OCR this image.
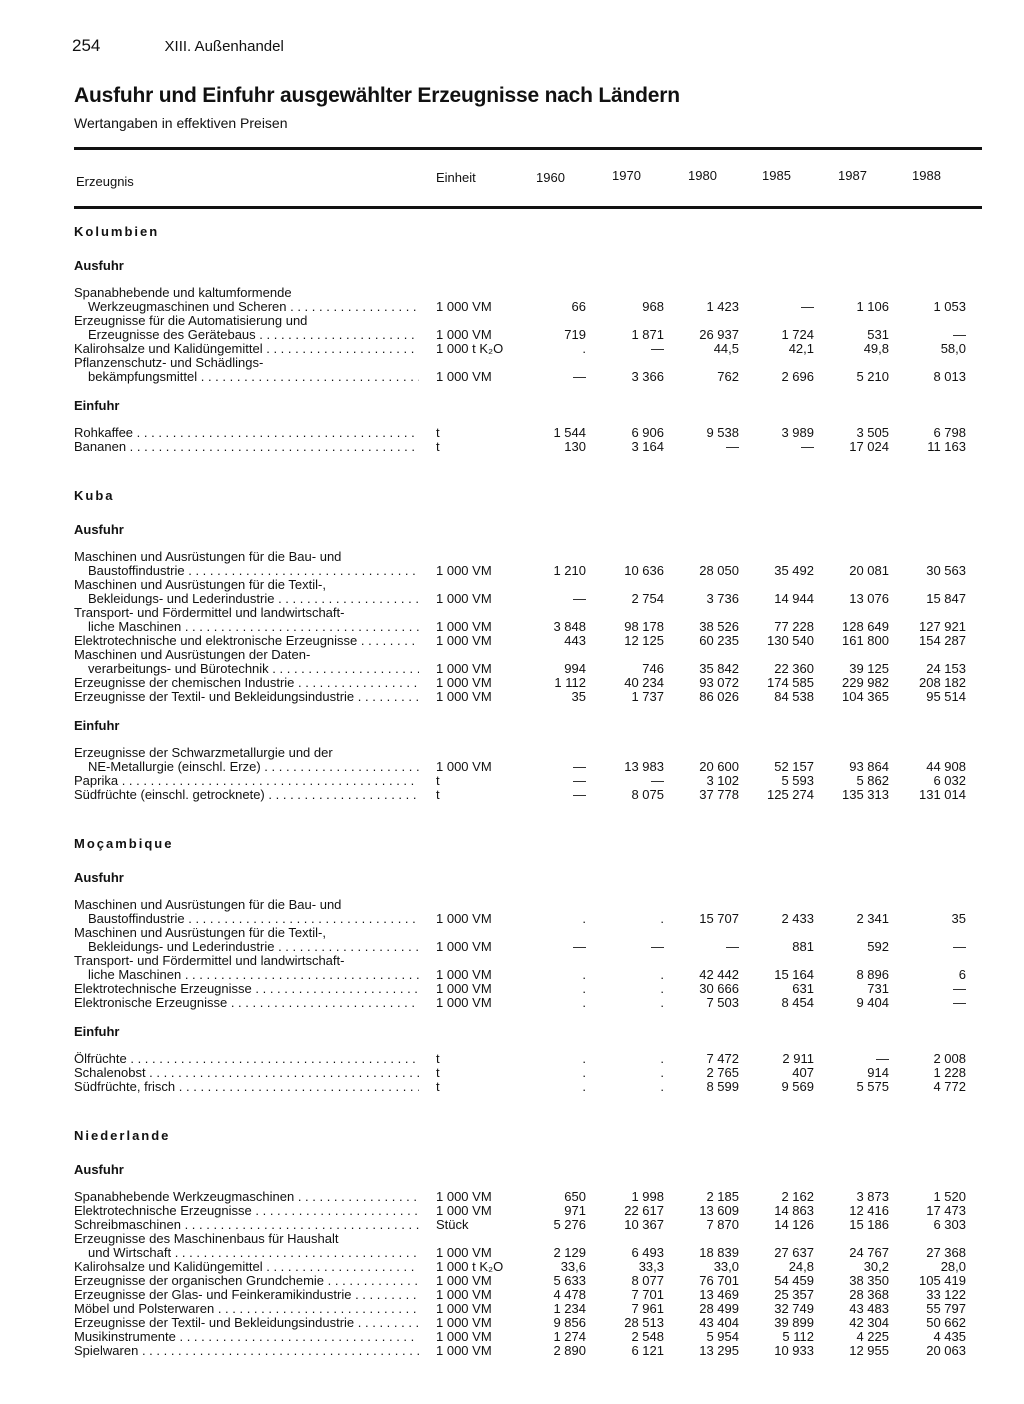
254	XIII. Außenhandel
Ausfuhr und Einfuhr ausgewählter Erzeugnisse nach Ländern
Wertangaben in effektiven Preisen
Erzeugnis	Einheit	1960	1970	1980	1985	1987	1988
Kolumbien
Ausfuhr
Spanabhebende und kaltumformende
Werkzeugmaschinen und Scheren . . .	1 000 VM	66	968	1 423	—	1 106	1 053
Erzeugnisse für die Automatisierung und
Erzeugnisse des Gerätebaus . . .	1 000 VM	719	1 871	26 937	1 724	531	—
Kalirohsalze und Kalidüngemittel . . .	1 000 t K₂O	.	—	44,5	42,1	49,8	58,0
Pflanzenschutz- und Schädlings-
bekämpfungsmittel . . .	1 000 VM	—	3 366	762	2 696	5 210	8 013
Einfuhr
Rohkaffee . . .	t	1 544	6 906	9 538	3 989	3 505	6 798
Bananen . . .	t	130	3 164	—	—	17 024	11 163
Kuba
Ausfuhr
Maschinen und Ausrüstungen für die Bau- und
Baustoffindustrie . . .	1 000 VM	1 210	10 636	28 050	35 492	20 081	30 563
Maschinen und Ausrüstungen für die Textil-,
Bekleidungs- und Lederindustrie . . .	1 000 VM	—	2 754	3 736	14 944	13 076	15 847
Transport- und Fördermittel und landwirtschaft-
liche Maschinen . . .	1 000 VM	3 848	98 178	38 526	77 228	128 649	127 921
Elektrotechnische und elektronische Erzeugnisse . . .	1 000 VM	443	12 125	60 235	130 540	161 800	154 287
Maschinen und Ausrüstungen der Daten-
verarbeitungs- und Bürotechnik . . .	1 000 VM	994	746	35 842	22 360	39 125	24 153
Erzeugnisse der chemischen Industrie . . .	1 000 VM	1 112	40 234	93 072	174 585	229 982	208 182
Erzeugnisse der Textil- und Bekleidungsindustrie . . .	1 000 VM	35	1 737	86 026	84 538	104 365	95 514
Einfuhr
Erzeugnisse der Schwarzmetallurgie und der
NE-Metallurgie (einschl. Erze) . . .	1 000 VM	—	13 983	20 600	52 157	93 864	44 908
Paprika . . .	t	—	—	3 102	5 593	5 862	6 032
Südfrüchte (einschl. getrocknete) . . .	t	—	8 075	37 778	125 274	135 313	131 014
Moçambique
Ausfuhr
Maschinen und Ausrüstungen für die Bau- und
Baustoffindustrie . . .	1 000 VM	.	.	15 707	2 433	2 341	35
Maschinen und Ausrüstungen für die Textil-,
Bekleidungs- und Lederindustrie . . .	1 000 VM	—	—	—	881	592	—
Transport- und Fördermittel und landwirtschaft-
liche Maschinen . . .	1 000 VM	.	.	42 442	15 164	8 896	6
Elektrotechnische Erzeugnisse . . .	1 000 VM	.	.	30 666	631	731	—
Elektronische Erzeugnisse . . .	1 000 VM	.	.	7 503	8 454	9 404	—
Einfuhr
Ölfrüchte . . .	t	.	.	7 472	2 911	—	2 008
Schalenobst . . .	t	.	.	2 765	407	914	1 228
Südfrüchte, frisch . . .	t	.	.	8 599	9 569	5 575	4 772
Niederlande
Ausfuhr
Spanabhebende Werkzeugmaschinen . . .	1 000 VM	650	1 998	2 185	2 162	3 873	1 520
Elektrotechnische Erzeugnisse . . .	1 000 VM	971	22 617	13 609	14 863	12 416	17 473
Schreibmaschinen . . .	Stück	5 276	10 367	7 870	14 126	15 186	6 303
Erzeugnisse des Maschinenbaus für Haushalt
und Wirtschaft . . .	1 000 VM	2 129	6 493	18 839	27 637	24 767	27 368
Kalirohsalze und Kalidüngemittel . . .	1 000 t K₂O	33,6	33,3	33,0	24,8	30,2	28,0
Erzeugnisse der organischen Grundchemie . . .	1 000 VM	5 633	8 077	76 701	54 459	38 350	105 419
Erzeugnisse der Glas- und Feinkeramikindustrie . . .	1 000 VM	4 478	7 701	13 469	25 357	28 368	33 122
Möbel und Polsterwaren . . .	1 000 VM	1 234	7 961	28 499	32 749	43 483	55 797
Erzeugnisse der Textil- und Bekleidungsindustrie . . .	1 000 VM	9 856	28 513	43 404	39 899	42 304	50 662
Musikinstrumente . . .	1 000 VM	1 274	2 548	5 954	5 112	4 225	4 435
Spielwaren . . .	1 000 VM	2 890	6 121	13 295	10 933	12 955	20 063
